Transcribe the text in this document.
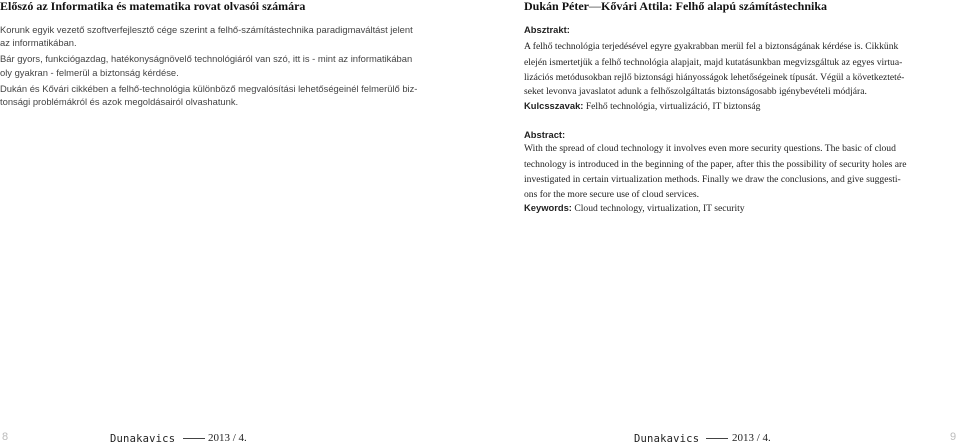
Előszó az Informatika és matematika rovat olvasói számára
Korunk egyik vezető szoftverfejlesztő cége szerint a felhő-számítástechnika paradigmaváltást jelent
az informatikában.
Bár gyors, funkciógazdag, hatékonyságnövelő technológiáról van szó, itt is - mint az informatikában
oly gyakran - felmerül a biztonság kérdése.
Dukán és Kővári cikkében a felhő-technológia különböző megvalósítási lehetőségeinél felmerülő biz-
tonsági problémákról és azok megoldásairól olvashatunk.
8	Dunakavics	2013 / 4.
Dukán Péter—Kővári Attila: Felhő alapú számítástechnika
Absztrakt:
A felhő technológia terjedésével egyre gyakrabban merül fel a biztonságának kérdése is. Cikkünk
elején ismertetjük a felhő technológia alapjait, majd kutatásunkban megvizsgáltuk az egyes virtua-
lizációs metódusokban rejlő biztonsági hiányosságok lehetőségeinek típusát. Végül a következteté-
seket levonva javaslatot adunk a felhőszolgáltatás biztonságosabb igénybevételi módjára.
Kulcsszavak: Felhő technológia, virtualizáció, IT biztonság
Abstract:
With the spread of cloud technology it involves even more security questions. The basic of cloud
technology is introduced in the beginning of the paper, after this the possibility of security holes are
investigated in certain virtualization methods. Finally we draw the conclusions, and give suggesti-
ons for the more secure use of cloud services.
Keywords: Cloud technology, virtualization, IT security
Dunakavics	2013 / 4.	9
